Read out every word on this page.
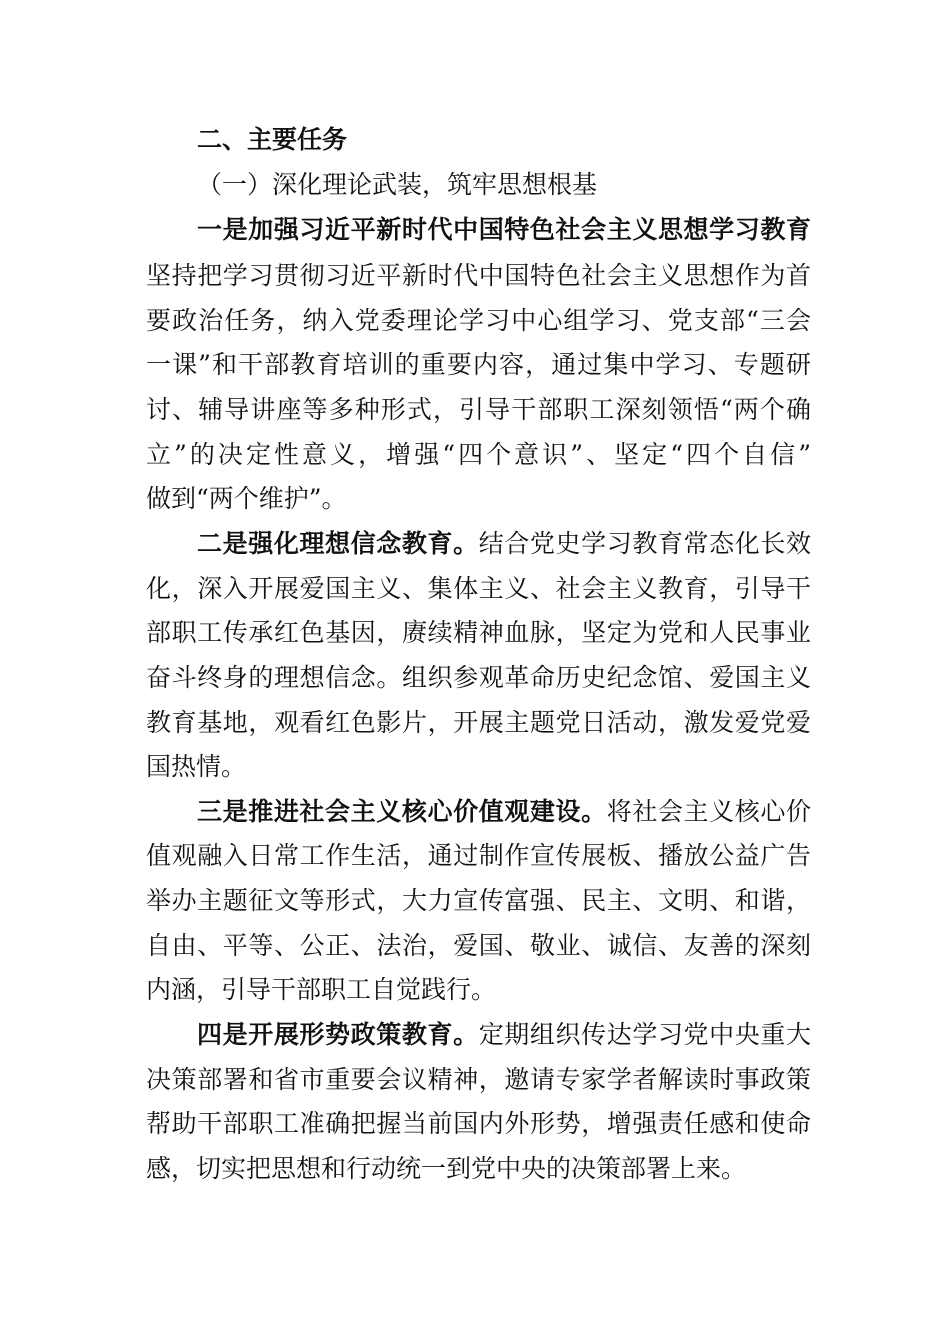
二、主要任务
（一）深化理论武装，筑牢思想根基
一是加强习近平新时代中国特色社会主义思想学习教育
坚持把学习贯彻习近平新时代中国特色社会主义思想作为首
要政治任务，纳入党委理论学习中心组学习、党支部“三会
一课”和干部教育培训的重要内容，通过集中学习、专题研
讨、辅导讲座等多种形式，引导干部职工深刻领悟“两个确
立”的决定性意义，增强“四个意识”、坚定“四个自信”
做到“两个维护”。
二是强化理想信念教育。结合党史学习教育常态化长效
化，深入开展爱国主义、集体主义、社会主义教育，引导干
部职工传承红色基因，赓续精神血脉，坚定为党和人民事业
奋斗终身的理想信念。组织参观革命历史纪念馆、爱国主义
教育基地，观看红色影片，开展主题党日活动，激发爱党爱
国热情。
三是推进社会主义核心价值观建设。将社会主义核心价
值观融入日常工作生活，通过制作宣传展板、播放公益广告
举办主题征文等形式，大力宣传富强、民主、文明、和谐，
自由、平等、公正、法治，爱国、敬业、诚信、友善的深刻
内涵，引导干部职工自觉践行。
四是开展形势政策教育。定期组织传达学习党中央重大
决策部署和省市重要会议精神，邀请专家学者解读时事政策
帮助干部职工准确把握当前国内外形势，增强责任感和使命
感，切实把思想和行动统一到党中央的决策部署上来。
